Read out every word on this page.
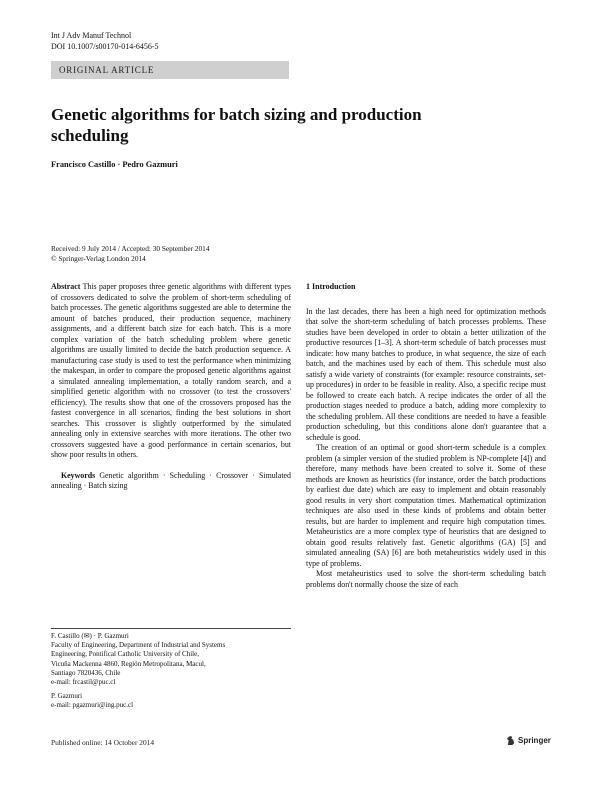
Int J Adv Manuf Technol
DOI 10.1007/s00170-014-6456-5
ORIGINAL ARTICLE
Genetic algorithms for batch sizing and production scheduling
Francisco Castillo · Pedro Gazmuri
Received: 9 July 2014 / Accepted: 30 September 2014
© Springer-Verlag London 2014

Abstract This paper proposes three genetic algorithms with different types of crossovers dedicated to solve the problem of short-term scheduling of batch processes. The genetic algorithms suggested are able to determine the amount of batches produced, their production sequence, machinery assignments, and a different batch size for each batch. This is a more complex variation of the batch scheduling problem where genetic algorithms are usually limited to decide the batch production sequence. A manufacturing case study is used to test the performance when minimizing the makespan, in order to compare the proposed genetic algorithms against a simulated annealing implementation, a totally random search, and a simplified genetic algorithm with no crossover (to test the crossovers' efficiency). The results show that one of the crossovers proposed has the fastest convergence in all scenarios, finding the best solutions in short searches. This crossover is slightly outperformed by the simulated annealing only in extensive searches with more iterations. The other two crossovers suggested have a good performance in certain scenarios, but show poor results in others.

Keywords Genetic algorithm · Scheduling · Crossover · Simulated annealing · Batch sizing

F. Castillo (✉) · P. Gazmuri
Faculty of Engineering, Department of Industrial and Systems
Engineering, Pontifical Catholic University of Chile,
Vicuña Mackenna 4860, Región Metropolitana, Macul,
Santiago 7820436, Chile
e-mail: frcastil@puc.cl
P. Gazmuri
e-mail: pgazmuri@ing.puc.cl
1 Introduction

In the last decades, there has been a high need for optimization methods that solve the short-term scheduling of batch processes problems. These studies have been developed in order to obtain a better utilization of the productive resources [1–3]. A short-term schedule of batch processes must indicate: how many batches to produce, in what sequence, the size of each batch, and the machines used by each of them. This schedule must also satisfy a wide variety of constraints (for example: resource constraints, set-up procedures) in order to be feasible in reality. Also, a specific recipe must be followed to create each batch. A recipe indicates the order of all the production stages needed to produce a batch, adding more complexity to the scheduling problem. All these conditions are needed to have a feasible production scheduling, but this conditions alone don't guarantee that a schedule is good.

The creation of an optimal or good short-term schedule is a complex problem (a simpler version of the studied problem is NP-complete [4]) and therefore, many methods have been created to solve it. Some of these methods are known as heuristics (for instance, order the batch productions by earliest due date) which are easy to implement and obtain reasonably good results in very short computation times. Mathematical optimization techniques are also used in these kinds of problems and obtain better results, but are harder to implement and require high computation times. Metaheuristics are a more complex type of heuristics that are designed to obtain good results relatively fast. Genetic algorithms (GA) [5] and simulated annealing (SA) [6] are both metaheuristics widely used in this type of problems.

Most metaheuristics used to solve the short-term scheduling batch problems don't normally choose the size of each

Published online: 14 October 2014	Springer
